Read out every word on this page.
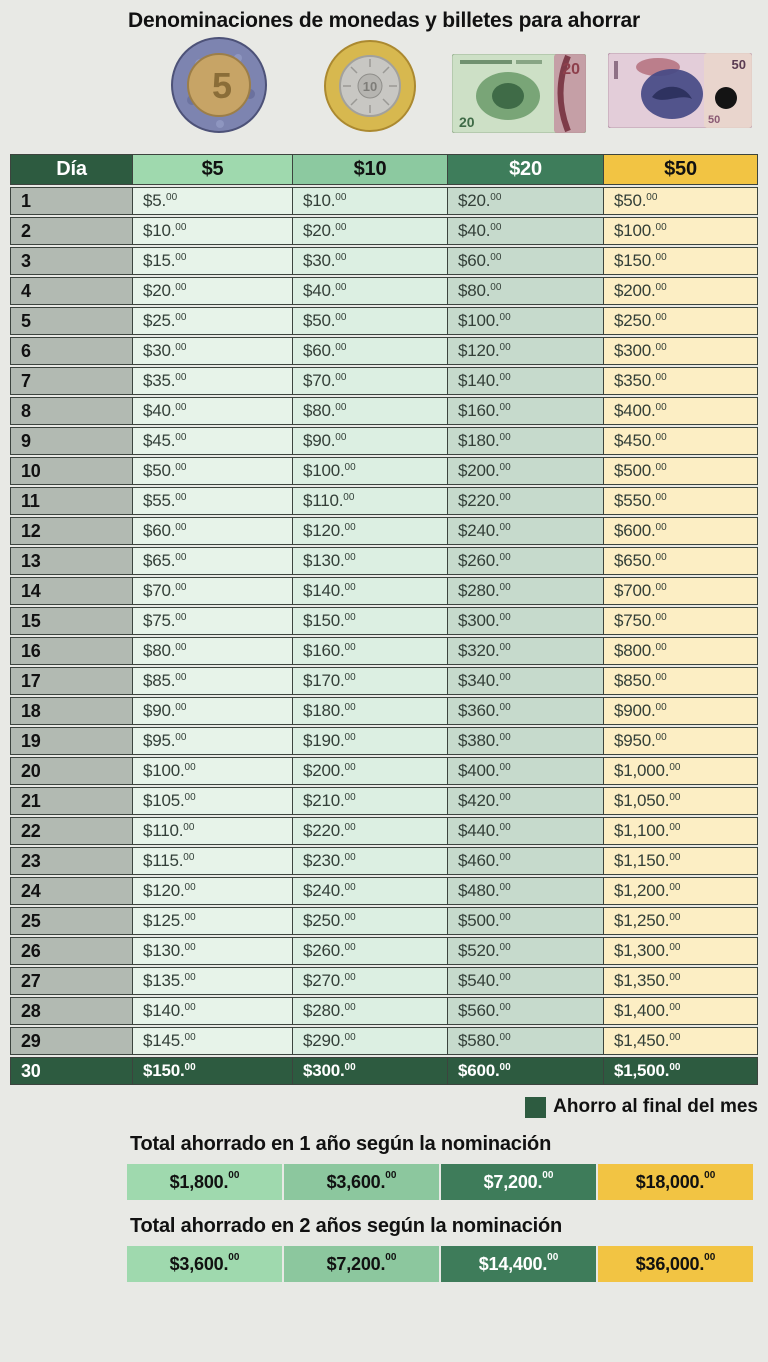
Denominaciones de monedas y billetes para ahorrar
5	10
20
20
50
50
Día	$5	$10	$20	$50
1	$5.00	$10.00	$20.00	$50.00
2	$10.00	$20.00	$40.00	$100.00
3	$15.00	$30.00	$60.00	$150.00
4	$20.00	$40.00	$80.00	$200.00
5	$25.00	$50.00	$100.00	$250.00
6	$30.00	$60.00	$120.00	$300.00
7	$35.00	$70.00	$140.00	$350.00
8	$40.00	$80.00	$160.00	$400.00
9	$45.00	$90.00	$180.00	$450.00
10	$50.00	$100.00	$200.00	$500.00
11	$55.00	$110.00	$220.00	$550.00
12	$60.00	$120.00	$240.00	$600.00
13	$65.00	$130.00	$260.00	$650.00
14	$70.00	$140.00	$280.00	$700.00
15	$75.00	$150.00	$300.00	$750.00
16	$80.00	$160.00	$320.00	$800.00
17	$85.00	$170.00	$340.00	$850.00
18	$90.00	$180.00	$360.00	$900.00
19	$95.00	$190.00	$380.00	$950.00
20	$100.00	$200.00	$400.00	$1,000.00
21	$105.00	$210.00	$420.00	$1,050.00
22	$110.00	$220.00	$440.00	$1,100.00
23	$115.00	$230.00	$460.00	$1,150.00
24	$120.00	$240.00	$480.00	$1,200.00
25	$125.00	$250.00	$500.00	$1,250.00
26	$130.00	$260.00	$520.00	$1,300.00
27	$135.00	$270.00	$540.00	$1,350.00
28	$140.00	$280.00	$560.00	$1,400.00
29	$145.00	$290.00	$580.00	$1,450.00
30	$150.00	$300.00	$600.00	$1,500.00
Ahorro al final del mes
Total ahorrado en 1 año según la nominación
$1,800.00	$3,600.00	$7,200.00	$18,000.00
Total ahorrado en 2 años según la nominación
$3,600.00	$7,200.00	$14,400.00	$36,000.00
